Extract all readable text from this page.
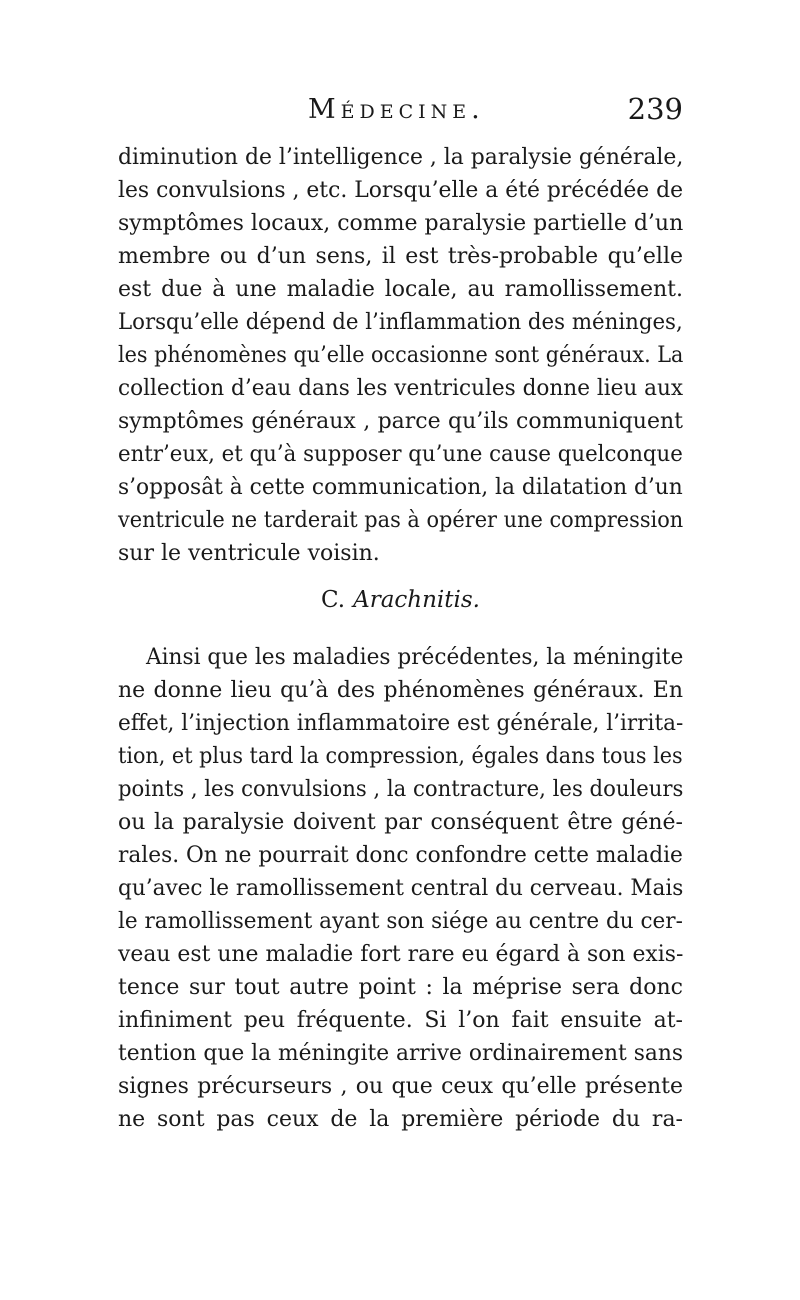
Médecine.	239
diminution de l’intelligence , la paralysie générale,
les convulsions , etc. Lorsqu’elle a été précédée de
symptômes locaux, comme paralysie partielle d’un
membre ou d’un sens, il est très-probable qu’elle
est due à une maladie locale, au ramollissement.
Lorsqu’elle dépend de l’inflammation des méninges,
les phénomènes qu’elle occasionne sont généraux. La
collection d’eau dans les ventricules donne lieu aux
symptômes généraux , parce qu’ils communiquent
entr’eux, et qu’à supposer qu’une cause quelconque
s’opposât à cette communication, la dilatation d’un
ventricule ne tarderait pas à opérer une compression
sur le ventricule voisin.
C. Arachnitis.
Ainsi que les maladies précédentes, la méningite
ne donne lieu qu’à des phénomènes généraux. En
effet, l’injection inflammatoire est générale, l’irrita-
tion, et plus tard la compression, égales dans tous les
points , les convulsions , la contracture, les douleurs
ou la paralysie doivent par conséquent être géné-
rales. On ne pourrait donc confondre cette maladie
qu’avec le ramollissement central du cerveau. Mais
le ramollissement ayant son siége au centre du cer-
veau est une maladie fort rare eu égard à son exis-
tence sur tout autre point : la méprise sera donc
infiniment peu fréquente. Si l’on fait ensuite at-
tention que la méningite arrive ordinairement sans
signes précurseurs , ou que ceux qu’elle présente
ne sont pas ceux de la première période du ra-
